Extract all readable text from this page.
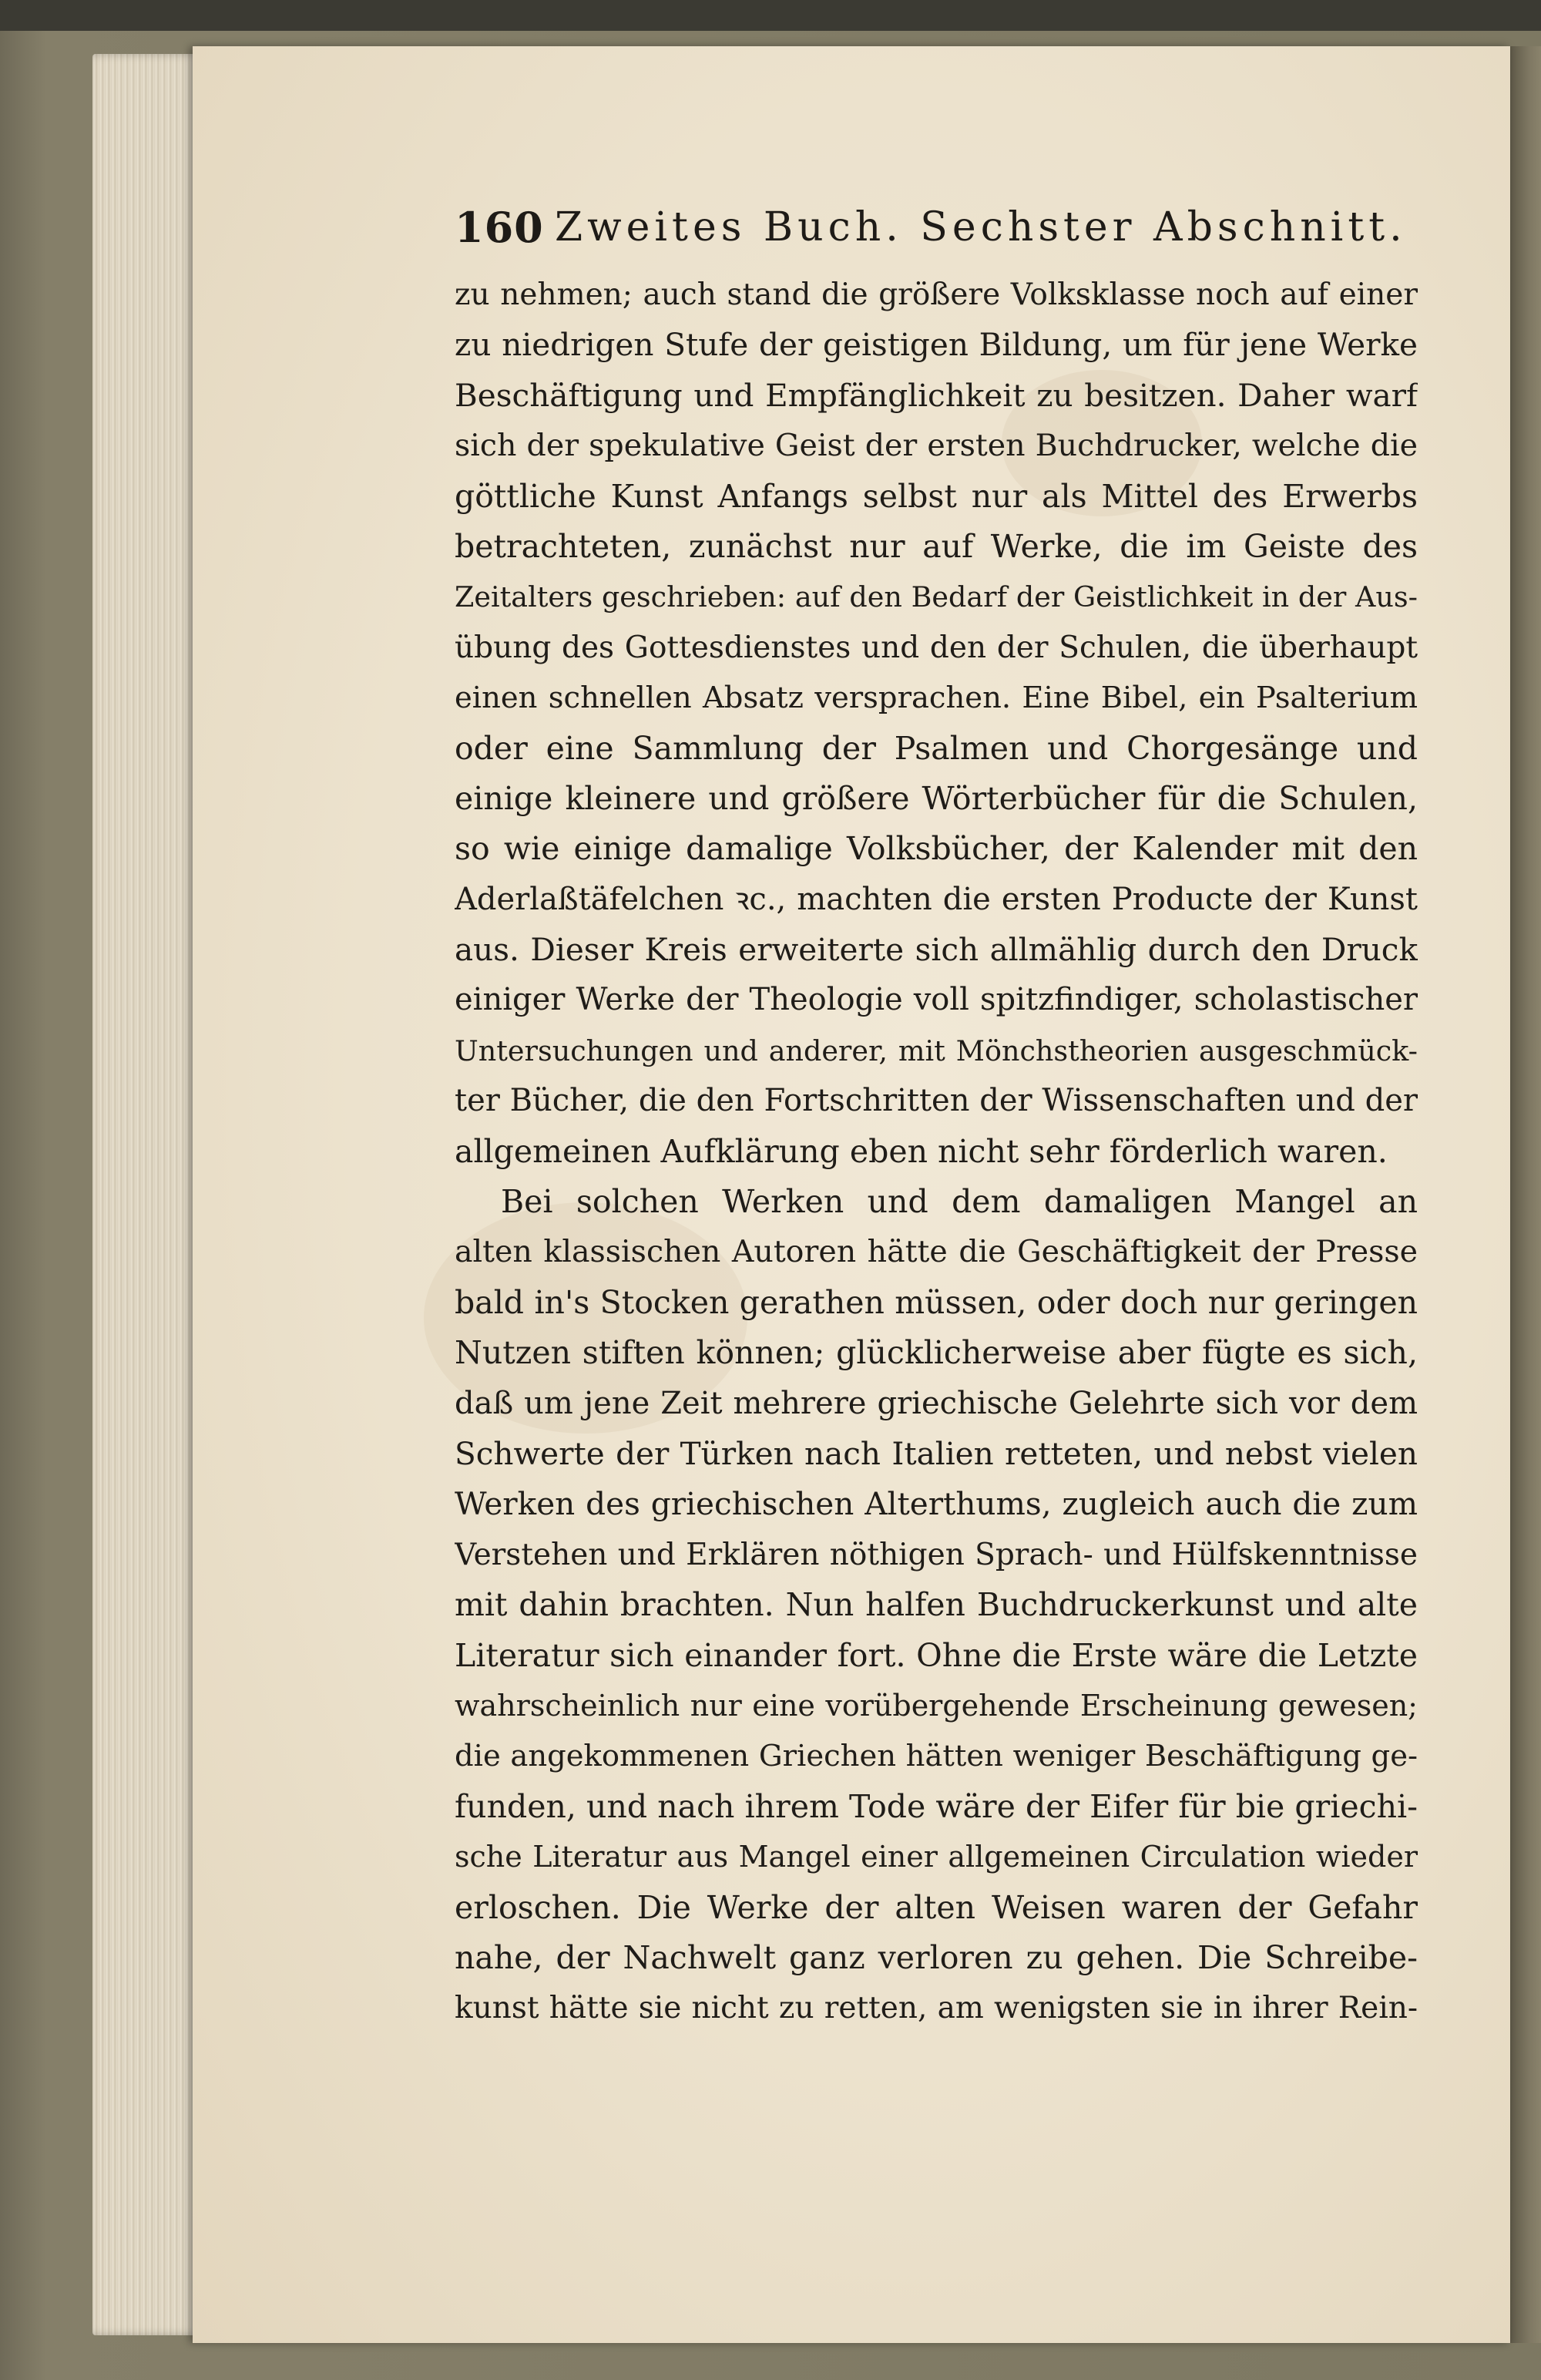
160 Zweites Buch. Sechster Abschnitt.
zu nehmen; auch stand die größere Volksklasse noch auf einer
zu niedrigen Stufe der geistigen Bildung, um für jene Werke
Beschäftigung und Empfänglichkeit zu besitzen. Daher warf
sich der spekulative Geist der ersten Buchdrucker, welche die
göttliche Kunst Anfangs selbst nur als Mittel des Erwerbs
betrachteten, zunächst nur auf Werke, die im Geiste des
Zeitalters geschrieben: auf den Bedarf der Geistlichkeit in der Aus-
übung des Gottesdienstes und den der Schulen, die überhaupt
einen schnellen Absatz versprachen. Eine Bibel, ein Psalterium
oder eine Sammlung der Psalmen und Chorgesänge und
einige kleinere und größere Wörterbücher für die Schulen,
so wie einige damalige Volksbücher, der Kalender mit den
Aderlaßtäfelchen ꝛc., machten die ersten Producte der Kunst
aus. Dieser Kreis erweiterte sich allmählig durch den Druck
einiger Werke der Theologie voll spitzfindiger, scholastischer
Untersuchungen und anderer, mit Mönchstheorien ausgeschmück-
ter Bücher, die den Fortschritten der Wissenschaften und der
allgemeinen Aufklärung eben nicht sehr förderlich waren.
Bei solchen Werken und dem damaligen Mangel an
alten klassischen Autoren hätte die Geschäftigkeit der Presse
bald in's Stocken gerathen müssen, oder doch nur geringen
Nutzen stiften können; glücklicherweise aber fügte es sich,
daß um jene Zeit mehrere griechische Gelehrte sich vor dem
Schwerte der Türken nach Italien retteten, und nebst vielen
Werken des griechischen Alterthums, zugleich auch die zum
Verstehen und Erklären nöthigen Sprach- und Hülfskenntnisse
mit dahin brachten. Nun halfen Buchdruckerkunst und alte
Literatur sich einander fort. Ohne die Erste wäre die Letzte
wahrscheinlich nur eine vorübergehende Erscheinung gewesen;
die angekommenen Griechen hätten weniger Beschäftigung ge-
funden, und nach ihrem Tode wäre der Eifer für bie griechi-
sche Literatur aus Mangel einer allgemeinen Circulation wieder
erloschen. Die Werke der alten Weisen waren der Gefahr
nahe, der Nachwelt ganz verloren zu gehen. Die Schreibe-
kunst hätte sie nicht zu retten, am wenigsten sie in ihrer Rein-
